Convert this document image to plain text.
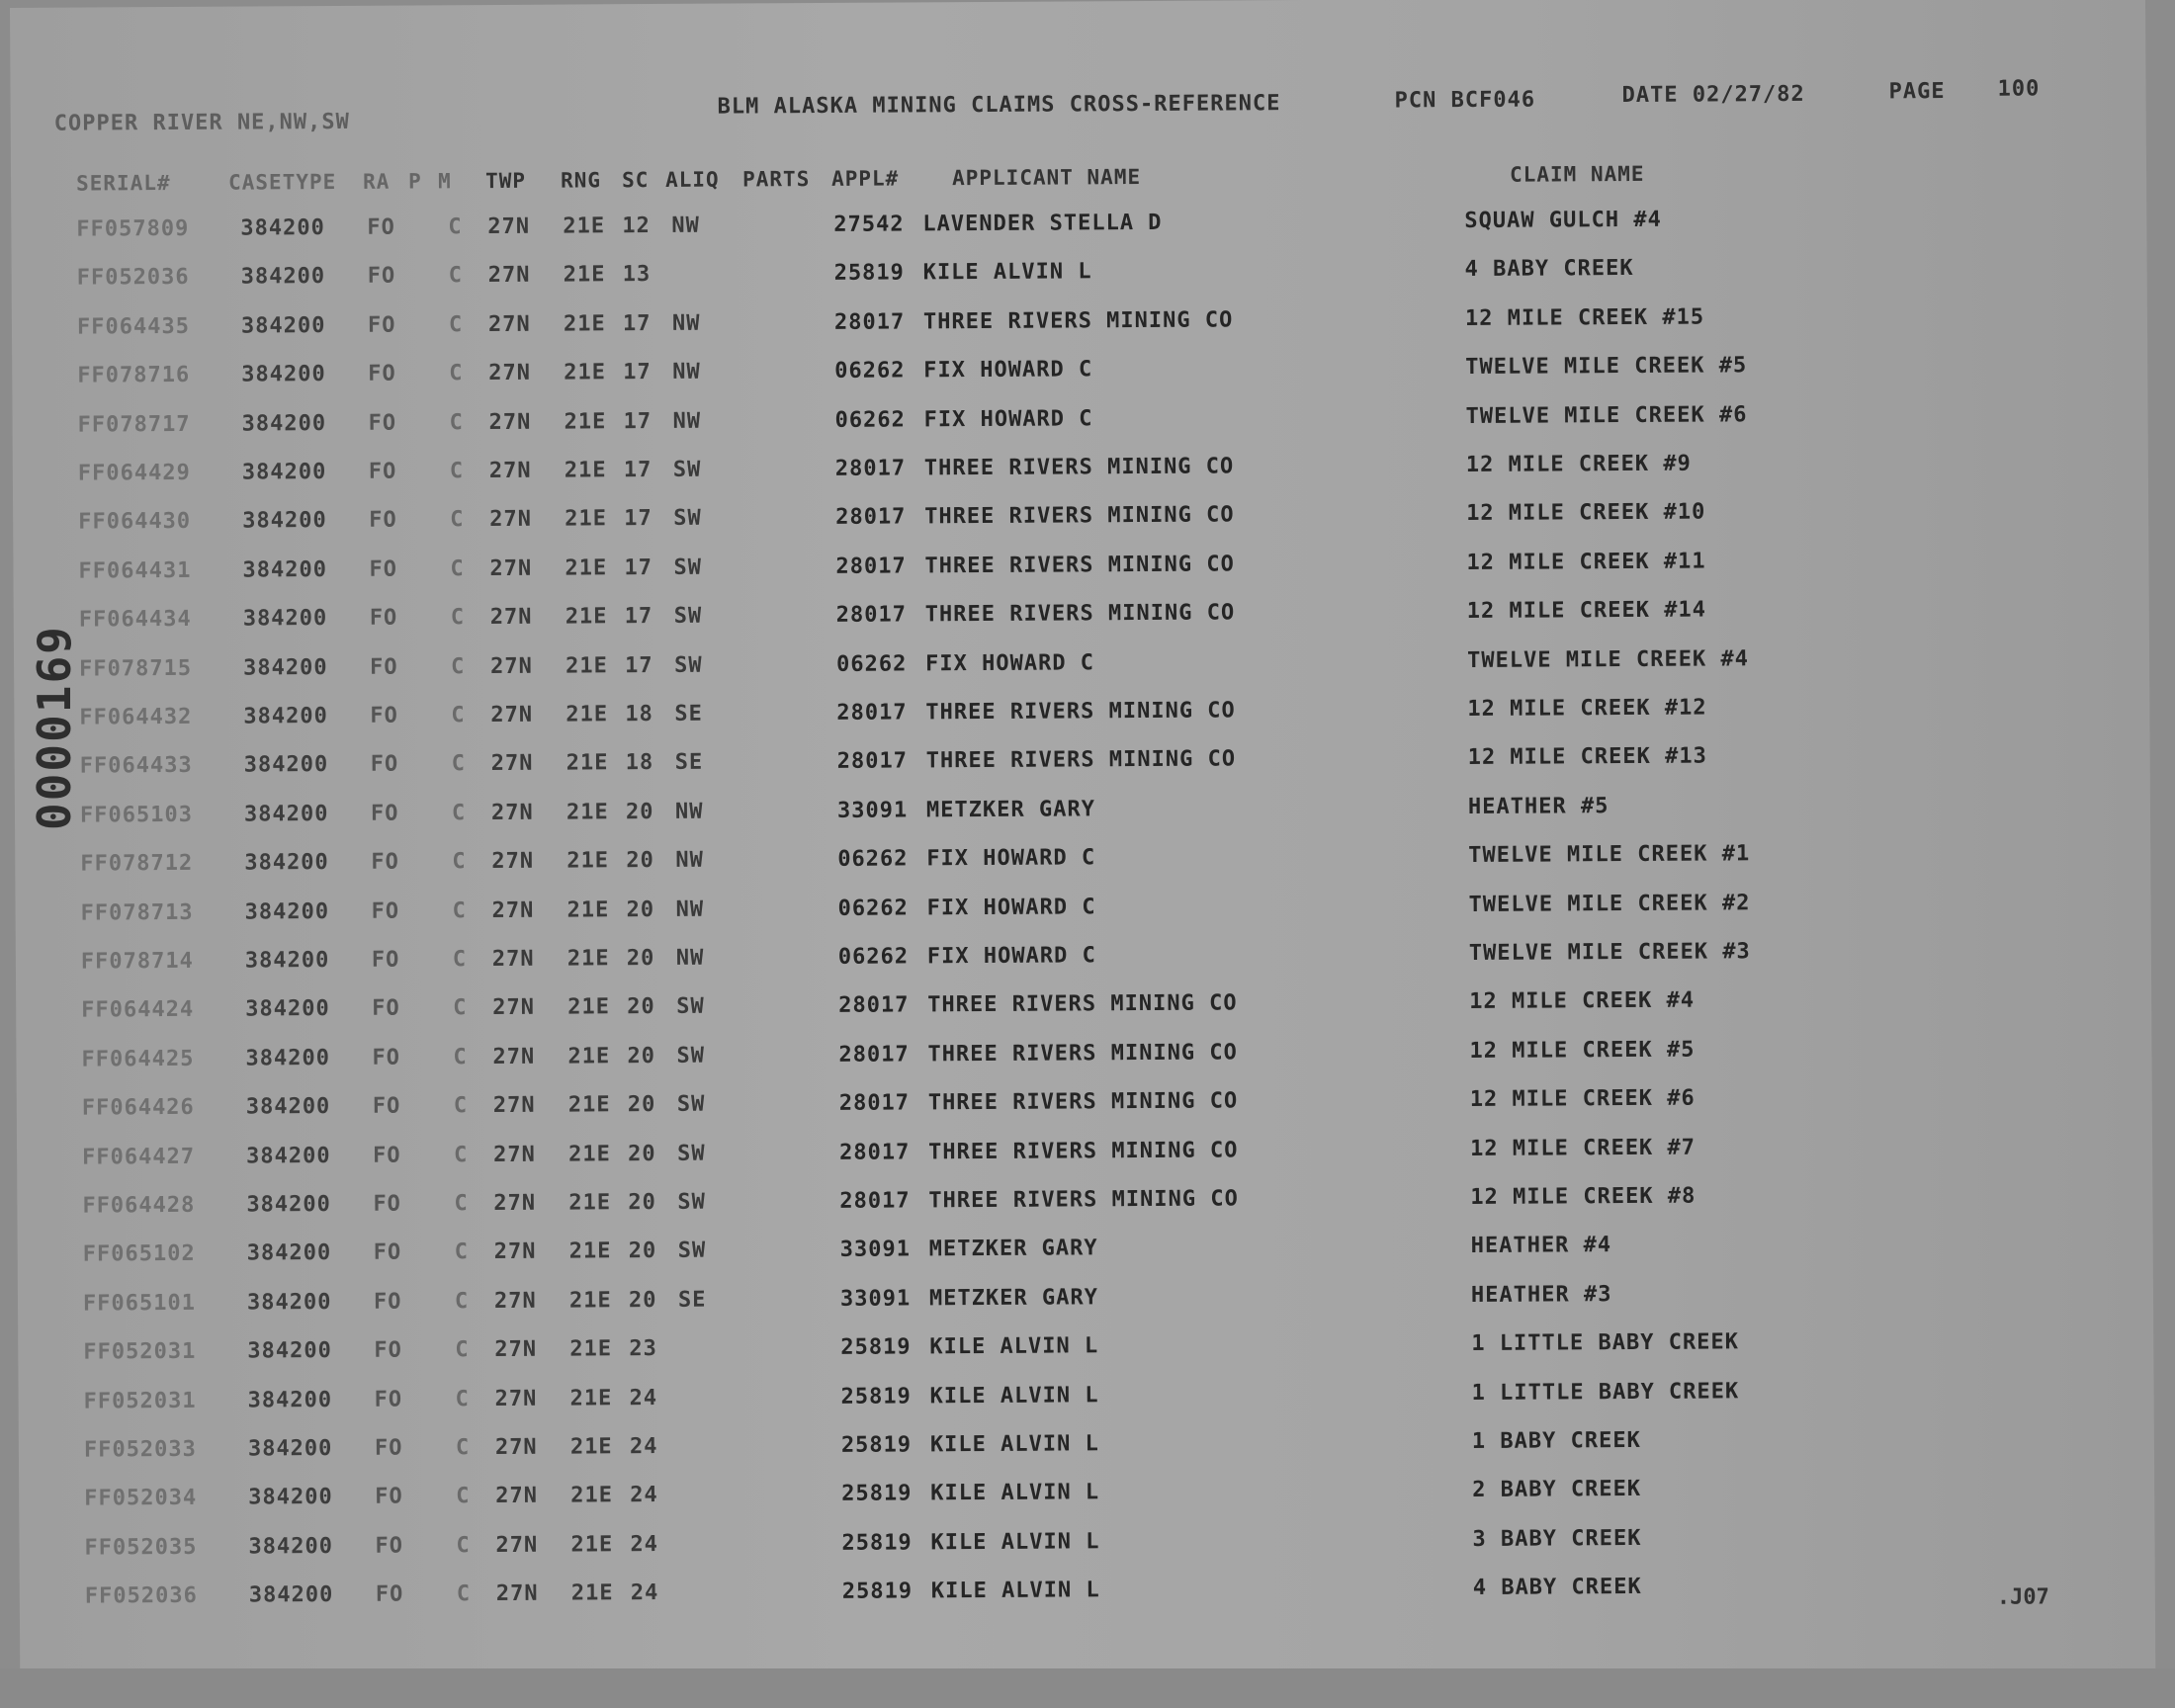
COPPER RIVER NE,NW,SW
BLM ALASKA MINING CLAIMS CROSS-REFERENCE	PCN BCF046	DATE 02/27/82	PAGE 100
SERIAL#	CASETYPE RA P M TWP RNG SC ALIQ PARTS APPL#	APPLICANT NAME	CLAIM NAME
FF057809 384200 FO C 27N 21E 12 NW	27542 LAVENDER STELLA D	SQUAW GULCH #4
FF052036 384200 FO C 27N 21E 13	25819 KILE ALVIN L	4 BABY CREEK
FF064435 384200 FO C 27N 21E 17 NW	28017 THREE RIVERS MINING CO	12 MILE CREEK #15
FF078716 384200 FO C 27N 21E 17 NW	06262 FIX HOWARD C	TWELVE MILE CREEK #5
FF078717 384200 FO C 27N 21E 17 NW	06262 FIX HOWARD C	TWELVE MILE CREEK #6
FF064429 384200 FO C 27N 21E 17 SW	28017 THREE RIVERS MINING CO	12 MILE CREEK #9
FF064430 384200 FO C 27N 21E 17 SW	28017 THREE RIVERS MINING CO	12 MILE CREEK #10
FF064431 384200 FO C 27N 21E 17 SW	28017 THREE RIVERS MINING CO	12 MILE CREEK #11
FF064434 384200 FO C 27N 21E 17 SW	28017 THREE RIVERS MINING CO	12 MILE CREEK #14
FF078715 384200 FO C 27N 21E 17 SW	06262 FIX HOWARD C	TWELVE MILE CREEK #4
FF064432 384200 FO C 27N 21E 18 SE	28017 THREE RIVERS MINING CO	12 MILE CREEK #12
FF064433 384200 FO C 27N 21E 18 SE	28017 THREE RIVERS MINING CO	12 MILE CREEK #13
FF065103 384200 FO C 27N 21E 20 NW	33091 METZKER GARY	HEATHER #5
FF078712 384200 FO C 27N 21E 20 NW	06262 FIX HOWARD C	TWELVE MILE CREEK #1
FF078713 384200 FO C 27N 21E 20 NW	06262 FIX HOWARD C	TWELVE MILE CREEK #2
FF078714 384200 FO C 27N 21E 20 NW	06262 FIX HOWARD C	TWELVE MILE CREEK #3
FF064424 384200 FO C 27N 21E 20 SW	28017 THREE RIVERS MINING CO	12 MILE CREEK #4
FF064425 384200 FO C 27N 21E 20 SW	28017 THREE RIVERS MINING CO	12 MILE CREEK #5
FF064426 384200 FO C 27N 21E 20 SW	28017 THREE RIVERS MINING CO	12 MILE CREEK #6
FF064427 384200 FO C 27N 21E 20 SW	28017 THREE RIVERS MINING CO	12 MILE CREEK #7
FF064428 384200 FO C 27N 21E 20 SW	28017 THREE RIVERS MINING CO	12 MILE CREEK #8
FF065102 384200 FO C 27N 21E 20 SW	33091 METZKER GARY	HEATHER #4
FF065101 384200 FO C 27N 21E 20 SE	33091 METZKER GARY	HEATHER #3
FF052031 384200 FO C 27N 21E 23	25819 KILE ALVIN L	1 LITTLE BABY CREEK
FF052031 384200 FO C 27N 21E 24	25819 KILE ALVIN L	1 LITTLE BABY CREEK
FF052033 384200 FO C 27N 21E 24	25819 KILE ALVIN L	1 BABY CREEK
FF052034 384200 FO C 27N 21E 24	25819 KILE ALVIN L	2 BABY CREEK
FF052035 384200 FO C 27N 21E 24	25819 KILE ALVIN L	3 BABY CREEK
FF052036 384200 FO C 27N 21E 24	25819 KILE ALVIN L	4 BABY CREEK	.J07
0000169
